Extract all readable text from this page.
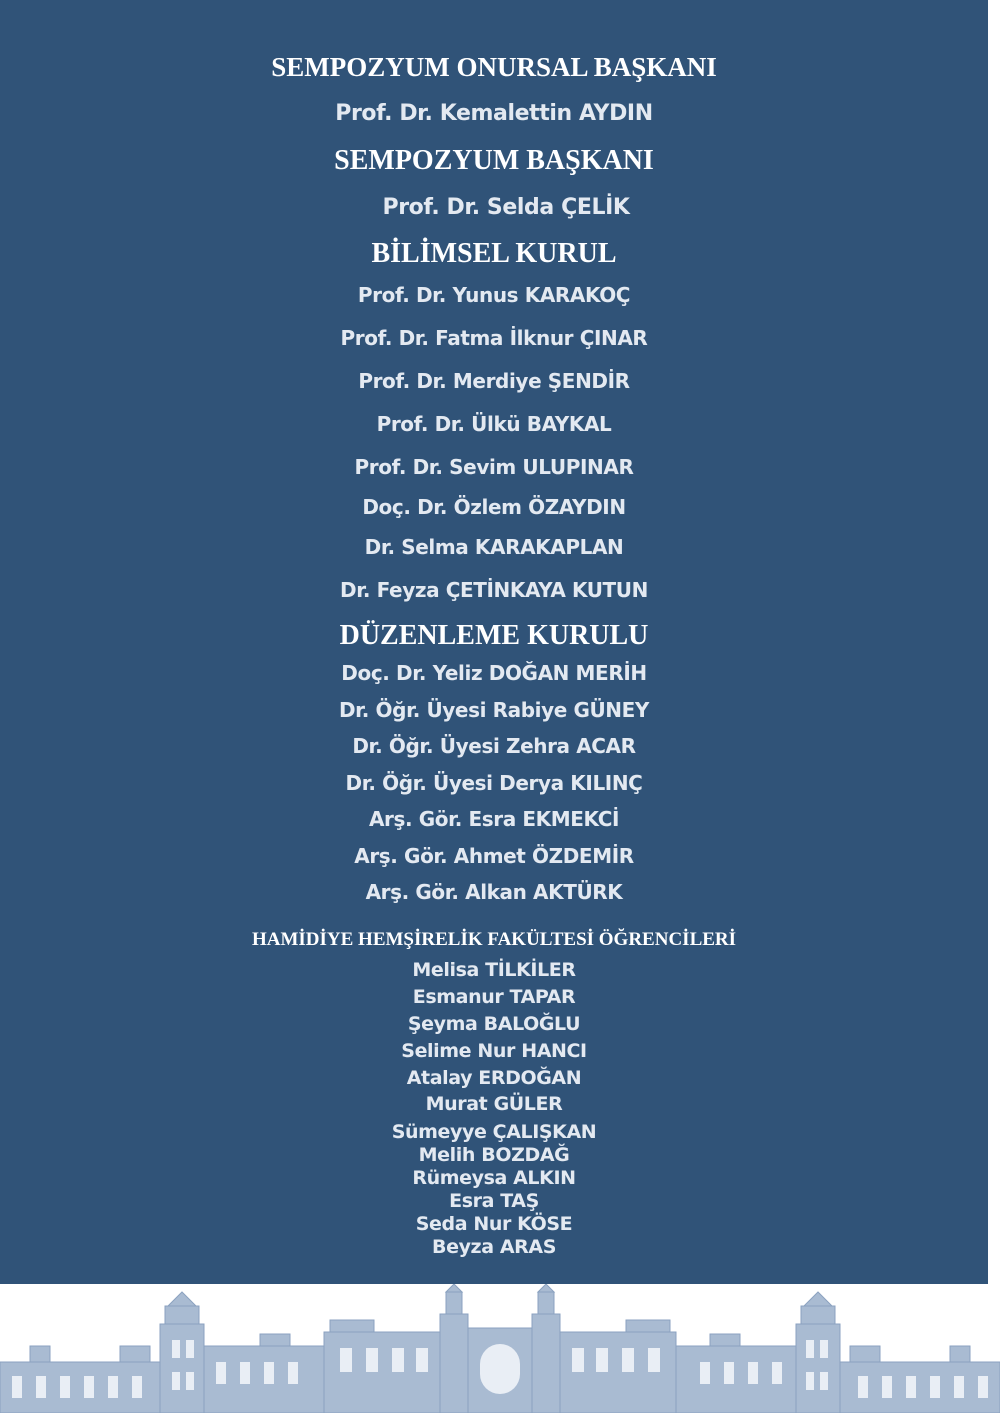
SEMPOZYUM ONURSAL BAŞKANI
Prof. Dr. Kemalettin AYDIN
SEMPOZYUM BAŞKANI
Prof. Dr. Selda ÇELİK
BİLİMSEL KURUL
Prof. Dr. Yunus KARAKOÇ
Prof. Dr. Fatma İlknur ÇINAR
Prof. Dr. Merdiye ŞENDİR
Prof. Dr. Ülkü BAYKAL
Prof. Dr. Sevim ULUPINAR
Doç. Dr. Özlem ÖZAYDIN
Dr. Selma KARAKAPLAN
Dr. Feyza ÇETİNKAYA KUTUN
DÜZENLEME KURULU
Doç. Dr. Yeliz DOĞAN MERİH
Dr. Öğr. Üyesi Rabiye GÜNEY
Dr. Öğr. Üyesi Zehra ACAR
Dr. Öğr. Üyesi Derya KILINÇ
Arş. Gör. Esra EKMEKCİ
Arş. Gör. Ahmet ÖZDEMİR
Arş. Gör. Alkan AKTÜRK
HAMİDİYE HEMŞİRELİK FAKÜLTESİ ÖĞRENCİLERİ
Melisa TİLKİLER
Esmanur TAPAR
Şeyma BALOĞLU
Selime Nur HANCI
Atalay ERDOĞAN
Murat GÜLER
Sümeyye ÇALIŞKAN
Melih BOZDAĞ
Rümeysa ALKIN
Esra TAŞ
Seda Nur KÖSE
Beyza ARAS
